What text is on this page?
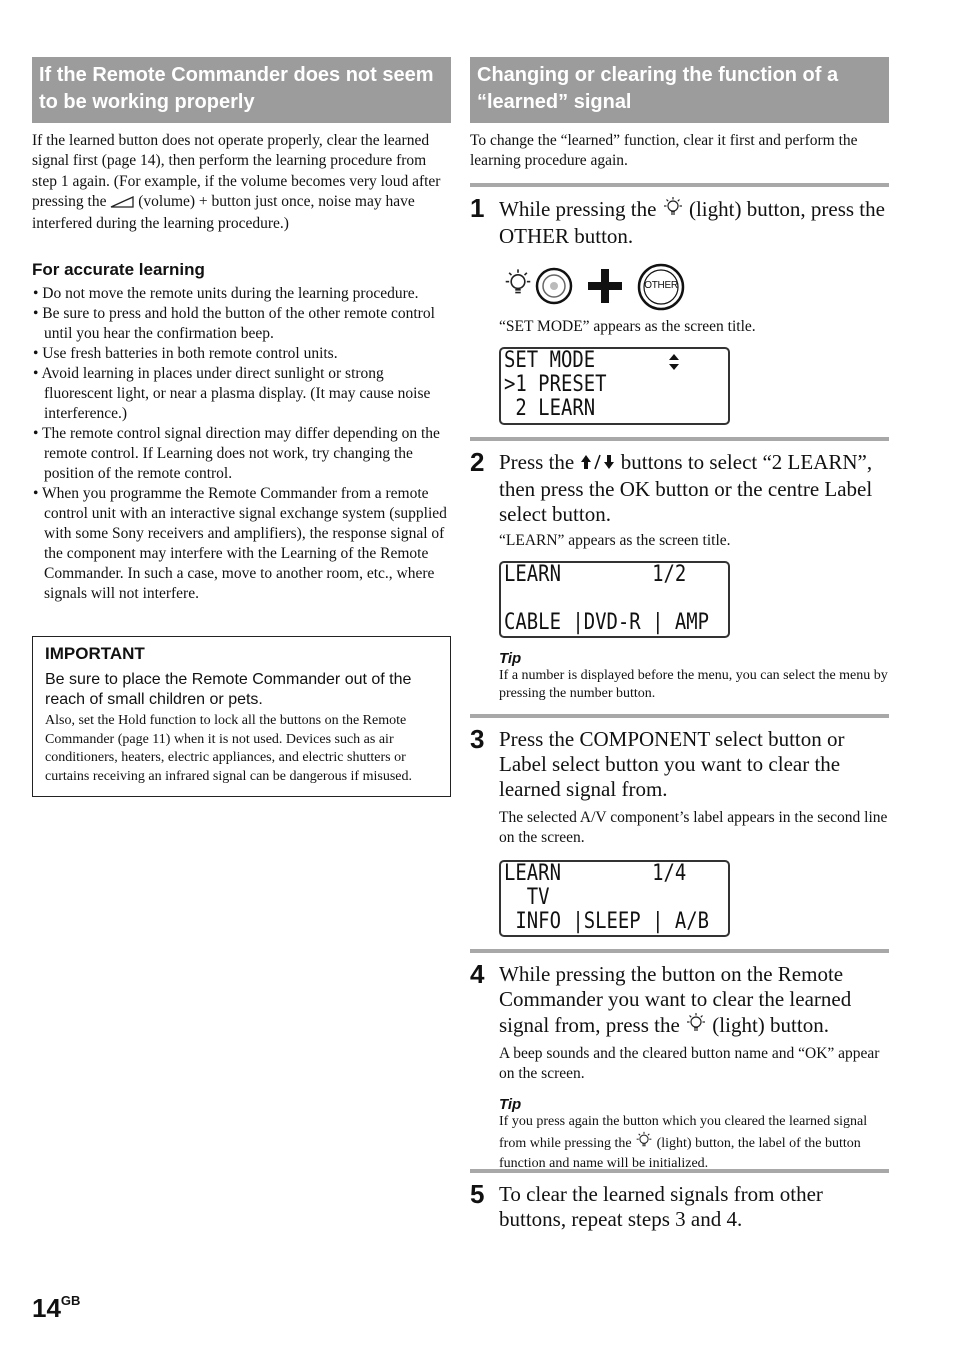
If the Remote Commander does not seem to be working properly

If the learned button does not operate properly, clear the learned signal first (page 14), then perform the learning procedure from step 1 again. (For example, if the volume becomes very loud after pressing the (volume) + button just once, noise may have interfered during the learning procedure.)

For accurate learning
• Do not move the remote units during the learning procedure.
• Be sure to press and hold the button of the other remote control until you hear the confirmation beep.
• Use fresh batteries in both remote control units.
• Avoid learning in places under direct sunlight or strong fluorescent light, or near a plasma display. (It may cause noise interference.)
• The remote control signal direction may differ depending on the remote control. If Learning does not work, try changing the position of the remote control.
• When you programme the Remote Commander from a remote control unit with an interactive signal exchange system (supplied with some Sony receivers and amplifiers), the response signal of the component may interfere with the Learning of the Remote Commander. In such a case, move to another room, etc., where signals will not interfere.
IMPORTANT
Be sure to place the Remote Commander out of the reach of small children or pets.
Also, set the Hold function to lock all the buttons on the Remote Commander (page 11) when it is not used. Devices such as air conditioners, heaters, electric appliances, and electric shutters or curtains receiving an infrared signal can be dangerous if misused.
Changing or clearing the function of a “learned” signal

To change the “learned” function, clear it first and perform the learning procedure again.

1 While pressing the (light) button, press the OTHER button.
OTHER
“SET MODE” appears as the screen title.
SET MODE
>1 PRESET
2 LEARN
2 Press the buttons to select “2 LEARN”, then press the OK button or the centre Label select button.
“LEARN” appears as the screen title.
LEARN        1/2
CABLE |DVD-R | AMP
Tip
If a number is displayed before the menu, you can select the menu by pressing the number button.
3 Press the COMPONENT select button or Label select button you want to clear the learned signal from.
The selected A/V component’s label appears in the second line on the screen.
LEARN        1/4
TV
INFO |SLEEP | A/B
4 While pressing the button on the Remote Commander you want to clear the learned signal from, press the (light) button.
A beep sounds and the cleared button name and “OK” appear on the screen.
Tip
If you press again the button which you cleared the learned signal from while pressing the (light) button, the label of the button function and name will be initialized.
5 To clear the learned signals from other buttons, repeat steps 3 and 4.
$14^{GB}$
